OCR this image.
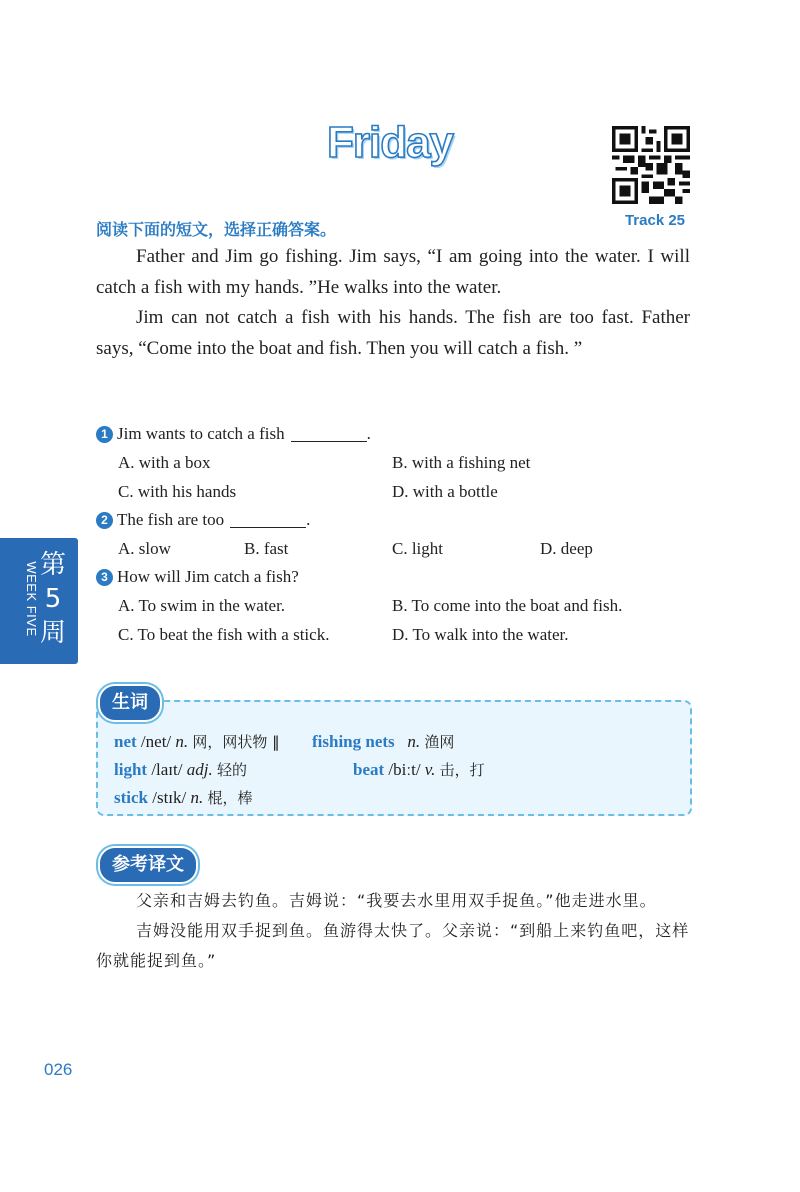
Friday
Track 25
阅读下面的短文，选择正确答案。

Father and Jim go fishing. Jim says, “I am going into the water. I will catch a fish with my hands. ”He walks into the water.

Jim can not catch a fish with his hands. The fish are too fast. Father says, “Come into the boat and fish. Then you will catch a fish. ”

1 Jim wants to catch a fish	.
A. with a box	B. with a fishing net
C. with his hands	D. with a bottle
2 The fish are too	.
A. slow	B. fast	C. light	D. deep
3 How will Jim catch a fish?
A. To swim in the water.	B. To come into the boat and fish.
C. To beat the fish with a stick.	D. To walk into the water.
第
5
周
WEEK FIVE
生词
net /net/ n. 网，网状物 ‖ fishing nets n. 渔网
light /laɪt/ adj. 轻的	beat /biːt/ v. 击，打
stick /stɪk/ n. 棍，棒
参考译文

父亲和吉姆去钓鱼。吉姆说：“我要去水里用双手捉鱼。”他走进水里。

吉姆没能用双手捉到鱼。鱼游得太快了。父亲说：“到船上来钓鱼吧，这样你就能捉到鱼。”

026
